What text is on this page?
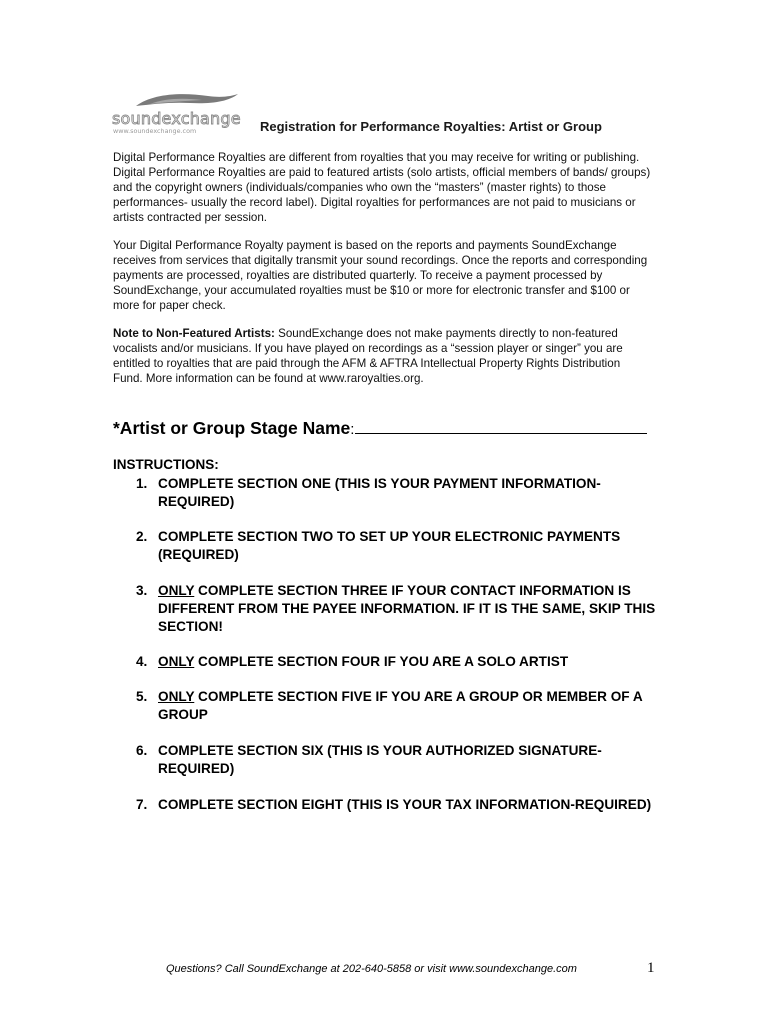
soundexchange
www.soundexchange.com	Registration for Performance Royalties: Artist or Group

Digital Performance Royalties are different from royalties that you may receive for writing or publishing. Digital Performance Royalties are paid to featured artists (solo artists, official members of bands/ groups) and the copyright owners (individuals/companies who own the “masters” (master rights) to those performances- usually the record label). Digital royalties for performances are not paid to musicians or artists contracted per session.

Your Digital Performance Royalty payment is based on the reports and payments SoundExchange receives from services that digitally transmit your sound recordings. Once the reports and corresponding payments are processed, royalties are distributed quarterly. To receive a payment processed by SoundExchange, your accumulated royalties must be $10 or more for electronic transfer and $100 or more for paper check.

Note to Non-Featured Artists: SoundExchange does not make payments directly to non-featured vocalists and/or musicians. If you have played on recordings as a “session player or singer” you are entitled to royalties that are paid through the AFM & AFTRA Intellectual Property Rights Distribution Fund. More information can be found at www.raroyalties.org.

*Artist or Group Stage Name:
INSTRUCTIONS:
1. COMPLETE SECTION ONE (THIS IS YOUR PAYMENT INFORMATION-REQUIRED)
2. COMPLETE SECTION TWO TO SET UP YOUR ELECTRONIC PAYMENTS (REQUIRED)
3. ONLY COMPLETE SECTION THREE IF YOUR CONTACT INFORMATION IS DIFFERENT FROM THE PAYEE INFORMATION. IF IT IS THE SAME, SKIP THIS SECTION!
4. ONLY COMPLETE SECTION FOUR IF YOU ARE A SOLO ARTIST
5. ONLY COMPLETE SECTION FIVE IF YOU ARE A GROUP OR MEMBER OF A GROUP
6. COMPLETE SECTION SIX (THIS IS YOUR AUTHORIZED SIGNATURE-REQUIRED)
7. COMPLETE SECTION EIGHT (THIS IS YOUR TAX INFORMATION-REQUIRED)
Questions? Call SoundExchange at 202-640-5858 or visit www.soundexchange.com	1
